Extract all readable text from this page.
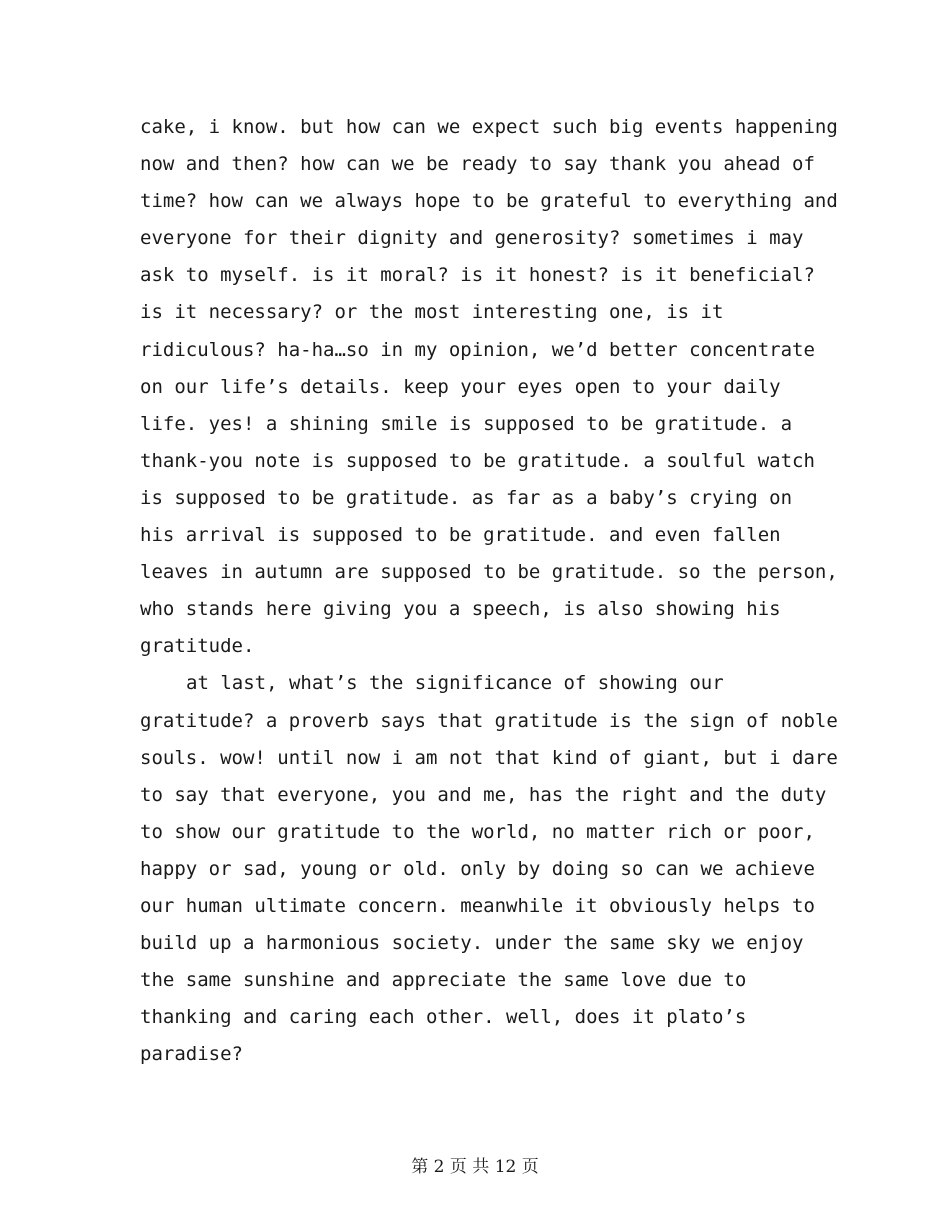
cake, i know. but how can we expect such big events happening
now and then? how can we be ready to say thank you ahead of
time? how can we always hope to be grateful to everything and
everyone for their dignity and generosity? sometimes i may
ask to myself. is it moral? is it honest? is it beneficial?
is it necessary? or the most interesting one, is it
ridiculous? ha-ha…so in my opinion, we’d better concentrate
on our life’s details. keep your eyes open to your daily
life. yes! a shining smile is supposed to be gratitude. a
thank-you note is supposed to be gratitude. a soulful watch
is supposed to be gratitude. as far as a baby’s crying on
his arrival is supposed to be gratitude. and even fallen
leaves in autumn are supposed to be gratitude. so the person,
who stands here giving you a speech, is also showing his
gratitude.
at last, what’s the significance of showing our
gratitude? a proverb says that gratitude is the sign of noble
souls. wow! until now i am not that kind of giant, but i dare
to say that everyone, you and me, has the right and the duty
to show our gratitude to the world, no matter rich or poor,
happy or sad, young or old. only by doing so can we achieve
our human ultimate concern. meanwhile it obviously helps to
build up a harmonious society. under the same sky we enjoy
the same sunshine and appreciate the same love due to
thanking and caring each other. well, does it plato’s
paradise?
第 2 页 共 12 页
